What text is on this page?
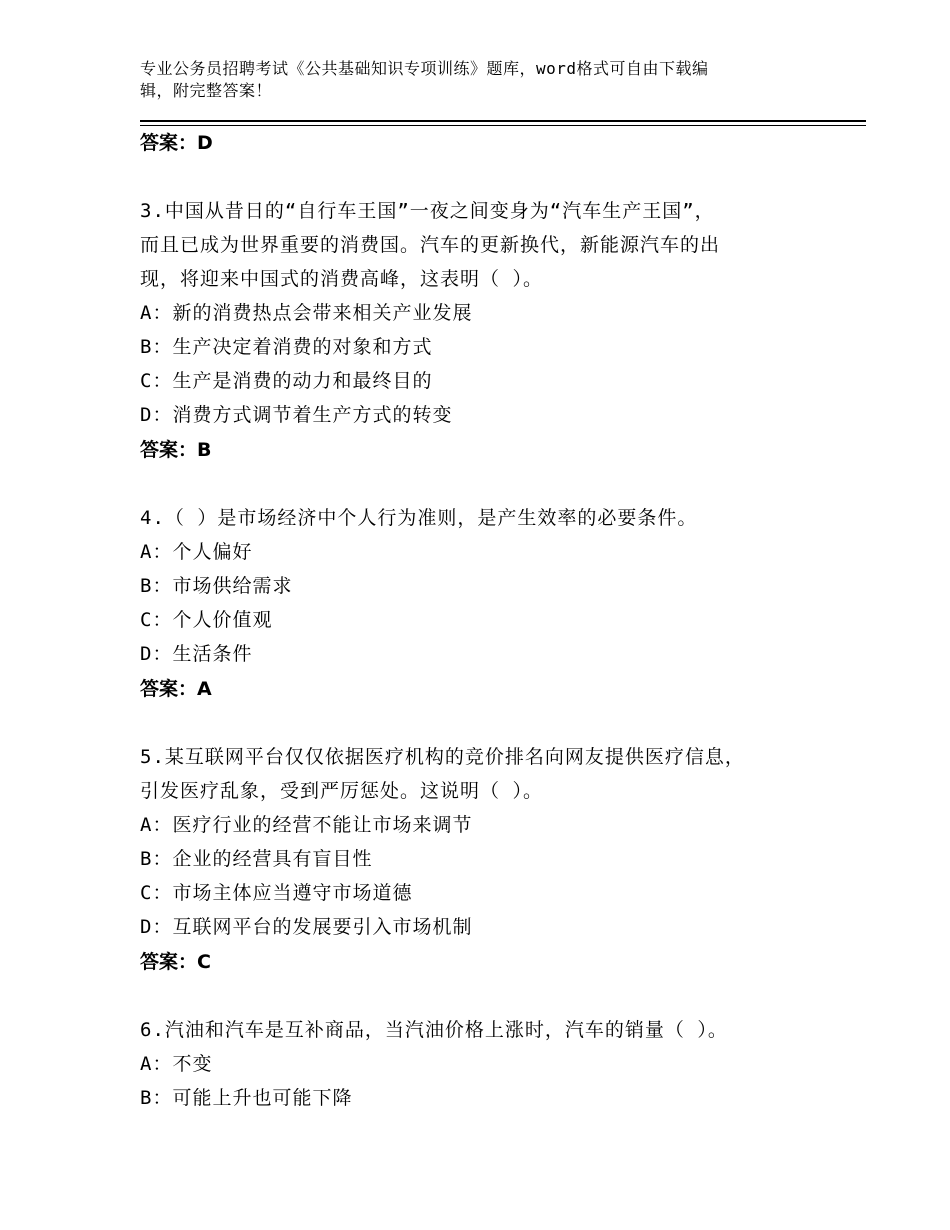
专业公务员招聘考试《公共基础知识专项训练》题库，word格式可自由下载编
辑，附完整答案！
答案：D
3.中国从昔日的“自行车王国”一夜之间变身为“汽车生产王国”，
而且已成为世界重要的消费国。汽车的更新换代，新能源汽车的出
现，将迎来中国式的消费高峰，这表明（ ）。
A：新的消费热点会带来相关产业发展
B：生产决定着消费的对象和方式
C：生产是消费的动力和最终目的
D：消费方式调节着生产方式的转变
答案：B
4.（ ）是市场经济中个人行为准则，是产生效率的必要条件。
A：个人偏好
B：市场供给需求
C：个人价值观
D：生活条件
答案：A
5.某互联网平台仅仅依据医疗机构的竞价排名向网友提供医疗信息，
引发医疗乱象，受到严厉惩处。这说明（ ）。
A：医疗行业的经营不能让市场来调节
B：企业的经营具有盲目性
C：市场主体应当遵守市场道德
D：互联网平台的发展要引入市场机制
答案：C
6.汽油和汽车是互补商品，当汽油价格上涨时，汽车的销量（ ）。
A：不变
B：可能上升也可能下降
